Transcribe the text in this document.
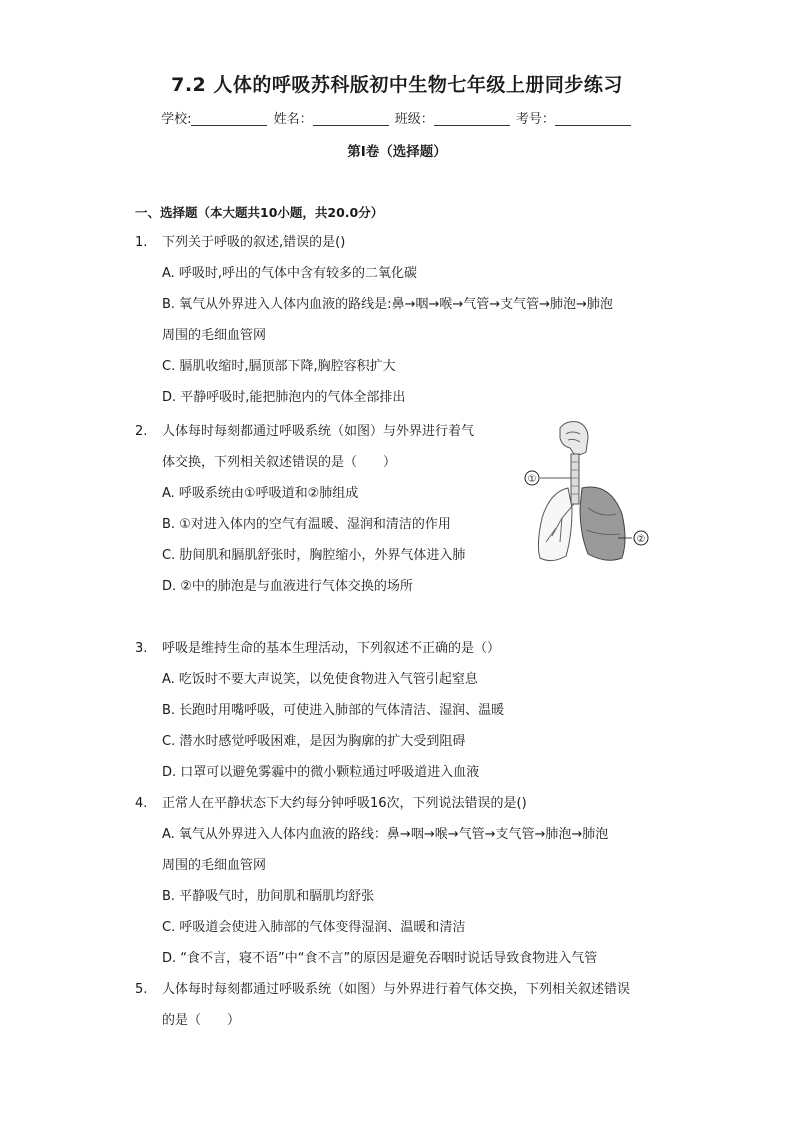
7.2 人体的呼吸苏科版初中生物七年级上册同步练习
学校:	姓名：	班级：	考号：
第I卷（选择题）
一、选择题（本大题共10小题，共20.0分）
1. 下列关于呼吸的叙述,错误的是()
A. 呼吸时,呼出的气体中含有较多的二氧化碳
B. 氧气从外界进入人体内血液的路线是:鼻→咽→喉→气管→支气管→肺泡→肺泡
周围的毛细血管网
C. 膈肌收缩时,膈顶部下降,胸腔容积扩大
D. 平静呼吸时,能把肺泡内的气体全部排出
2. 人体每时每刻都通过呼吸系统（如图）与外界进行着气
体交换，下列相关叙述错误的是（　　）
A. 呼吸系统由①呼吸道和②肺组成
B. ①对进入体内的空气有温暖、湿润和清洁的作用
C. 肋间肌和膈肌舒张时，胸腔缩小，外界气体进入肺
D. ②中的肺泡是与血液进行气体交换的场所
①
②
3. 呼吸是维持生命的基本生理活动，下列叙述不正确的是（）
A. 吃饭时不要大声说笑，以免使食物进入气管引起窒息
B. 长跑时用嘴呼吸，可使进入肺部的气体清洁、湿润、温暖
C. 潜水时感觉呼吸困难，是因为胸廓的扩大受到阻碍
D. 口罩可以避免雾霾中的微小颗粒通过呼吸道进入血液
4. 正常人在平静状态下大约每分钟呼吸16次，下列说法错误的是()
A. 氧气从外界进入人体内血液的路线：鼻→咽→喉→气管→支气管→肺泡→肺泡
周围的毛细血管网
B. 平静吸气时，肋间肌和膈肌均舒张
C. 呼吸道会使进入肺部的气体变得湿润、温暖和清洁
D. “食不言，寝不语”中“食不言”的原因是避免吞咽时说话导致食物进入气管
5. 人体每时每刻都通过呼吸系统（如图）与外界进行着气体交换，下列相关叙述错误
的是（　　）
